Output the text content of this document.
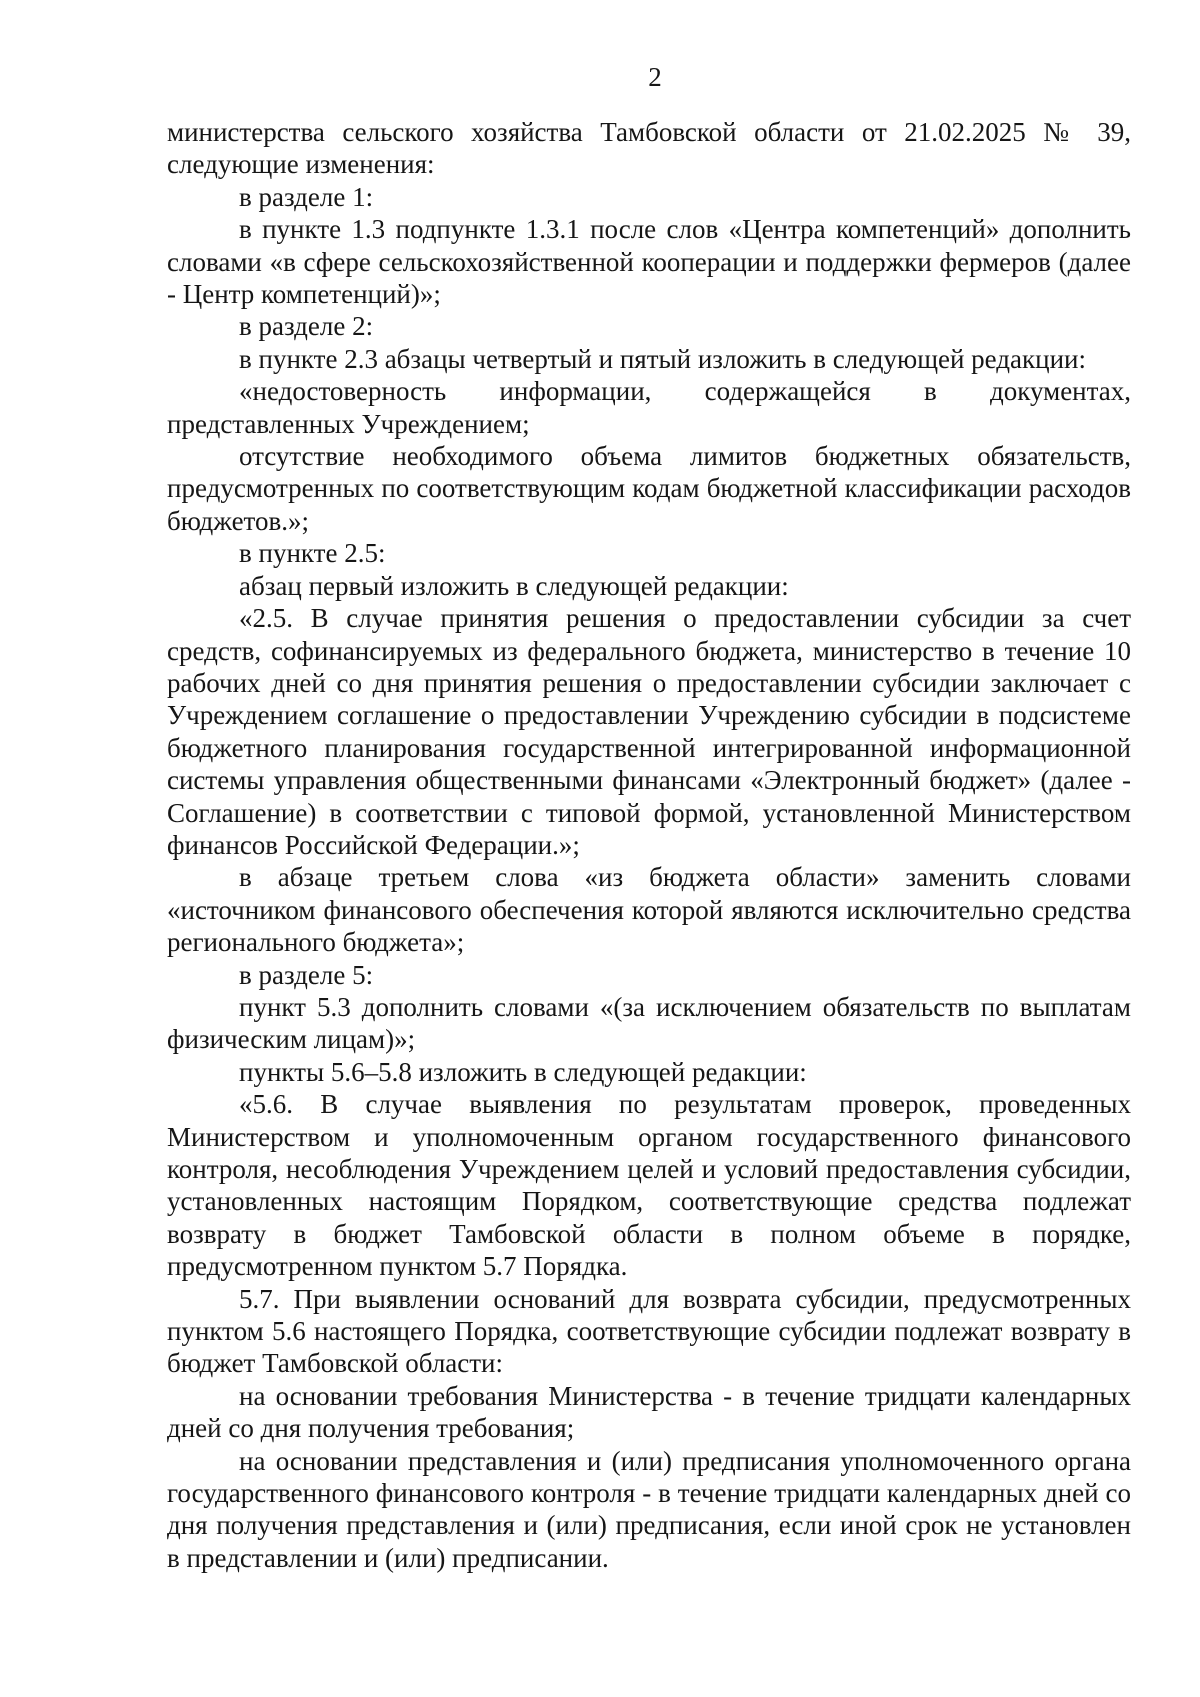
2

министерства сельского хозяйства Тамбовской области от 21.02.2025 № 39, следующие изменения:

в разделе 1:

в пункте 1.3 подпункте 1.3.1 после слов «Центра компетенций» дополнить словами «в сфере сельскохозяйственной кооперации и поддержки фермеров (далее - Центр компетенций)»;

в разделе 2:

в пункте 2.3 абзацы четвертый и пятый изложить в следующей редакции:

«недостоверность информации, содержащейся в документах, представленных Учреждением;

отсутствие необходимого объема лимитов бюджетных обязательств, предусмотренных по соответствующим кодам бюджетной классификации расходов бюджетов.»;

в пункте 2.5:

абзац первый изложить в следующей редакции:

«2.5. В случае принятия решения о предоставлении субсидии за счет средств, софинансируемых из федерального бюджета, министерство в течение 10 рабочих дней со дня принятия решения о предоставлении субсидии заключает с Учреждением соглашение о предоставлении Учреждению субсидии в подсистеме бюджетного планирования государственной интегрированной информационной системы управления общественными финансами «Электронный бюджет» (далее - Соглашение) в соответствии с типовой формой, установленной Министерством финансов Российской Федерации.»;

в абзаце третьем слова «из бюджета области» заменить словами «источником финансового обеспечения которой являются исключительно средства регионального бюджета»;

в разделе 5:

пункт 5.3 дополнить словами «(за исключением обязательств по выплатам физическим лицам)»;

пункты 5.6–5.8 изложить в следующей редакции:

«5.6. В случае выявления по результатам проверок, проведенных Министерством и уполномоченным органом государственного финансового контроля, несоблюдения Учреждением целей и условий предоставления субсидии, установленных настоящим Порядком, соответствующие средства подлежат возврату в бюджет Тамбовской области в полном объеме в порядке, предусмотренном пунктом 5.7 Порядка.

5.7. При выявлении оснований для возврата субсидии, предусмотренных пунктом 5.6 настоящего Порядка, соответствующие субсидии подлежат возврату в бюджет Тамбовской области:

на основании требования Министерства - в течение тридцати календарных дней со дня получения требования;

на основании представления и (или) предписания уполномоченного органа государственного финансового контроля - в течение тридцати календарных дней со дня получения представления и (или) предписания, если иной срок не установлен в представлении и (или) предписании.
